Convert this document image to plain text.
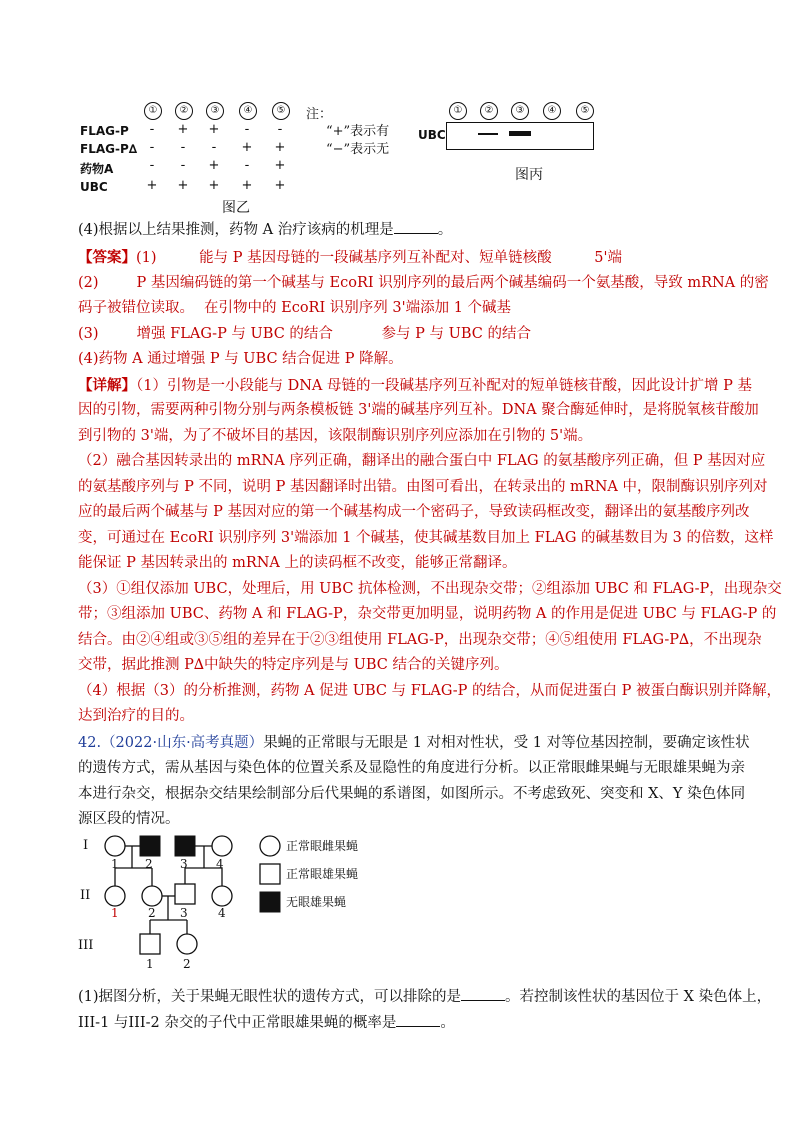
①	②	③	④	⑤
FLAG-P	-	+ +	-	-
FLAG-P∆ -	-	-	+ +
药物A	-	-	+	-	+
UBC	+ + + + +
图乙
注：
“+”表示有
“−”表示无
①	②	③	④	⑤
UBC
图丙
(4)根据以上结果推测，药物 A 治疗该病的机理是	。
【答案】(1)	能与 P 基因母链的一段碱基序列互补配对、短单链核酸	5'端
(2)	P 基因编码链的第一个碱基与 EcoRI 识别序列的最后两个碱基编码一个氨基酸，导致 mRNA 的密
码子被错位读取。 在引物中的 EcoRI 识别序列 3'端添加 1 个碱基
(3)	增强 FLAG-P 与 UBC 的结合	参与 P 与 UBC 的结合
(4)药物 A 通过增强 P 与 UBC 结合促进 P 降解。
【详解】（1）引物是一小段能与 DNA 母链的一段碱基序列互补配对的短单链核苷酸，因此设计扩增 P 基
因的引物，需要两种引物分别与两条模板链 3'端的碱基序列互补。DNA 聚合酶延伸时，是将脱氧核苷酸加
到引物的 3'端，为了不破坏目的基因，该限制酶识别序列应添加在引物的 5'端。
（2）融合基因转录出的 mRNA 序列正确，翻译出的融合蛋白中 FLAG 的氨基酸序列正确，但 P 基因对应
的氨基酸序列与 P 不同，说明 P 基因翻译时出错。由图可看出，在转录出的 mRNA 中，限制酶识别序列对
应的最后两个碱基与 P 基因对应的第一个碱基构成一个密码子，导致读码框改变，翻译出的氨基酸序列改
变，可通过在 EcoRI 识别序列 3'端添加 1 个碱基，使其碱基数目加上 FLAG 的碱基数目为 3 的倍数，这样
能保证 P 基因转录出的 mRNA 上的读码框不改变，能够正常翻译。
（3）①组仅添加 UBC，处理后，用 UBC 抗体检测，不出现杂交带；②组添加 UBC 和 FLAG-P，出现杂交
带；③组添加 UBC、药物 A 和 FLAG-P，杂交带更加明显，说明药物 A 的作用是促进 UBC 与 FLAG-P 的
结合。由②④组或③⑤组的差异在于②③组使用 FLAG-P，出现杂交带；④⑤组使用 FLAG-P∆，不出现杂
交带，据此推测 P∆中缺失的特定序列是与 UBC 结合的关键序列。
（4）根据（3）的分析推测，药物 A 促进 UBC 与 FLAG-P 的结合，从而促进蛋白 P 被蛋白酶识别并降解，
达到治疗的目的。
42.（2022·山东·高考真题）果蝇的正常眼与无眼是 1 对相对性状，受 1 对等位基因控制，要确定该性状
的遗传方式，需从基因与染色体的位置关系及显隐性的角度进行分析。以正常眼雌果蝇与无眼雄果蝇为亲
本进行杂交，根据杂交结果绘制部分后代果蝇的系谱图，如图所示。不考虑致死、突变和 X、Y 染色体同
源区段的情况。
I
II
III
1 2 3 4
1 2 3	4
1 2
正常眼雌果蝇
正常眼雄果蝇
无眼雄果蝇
(1)据图分析，关于果蝇无眼性状的遗传方式，可以排除的是	。若控制该性状的基因位于 X 染色体上，
III-1 与III-2 杂交的子代中正常眼雄果蝇的概率是	。
